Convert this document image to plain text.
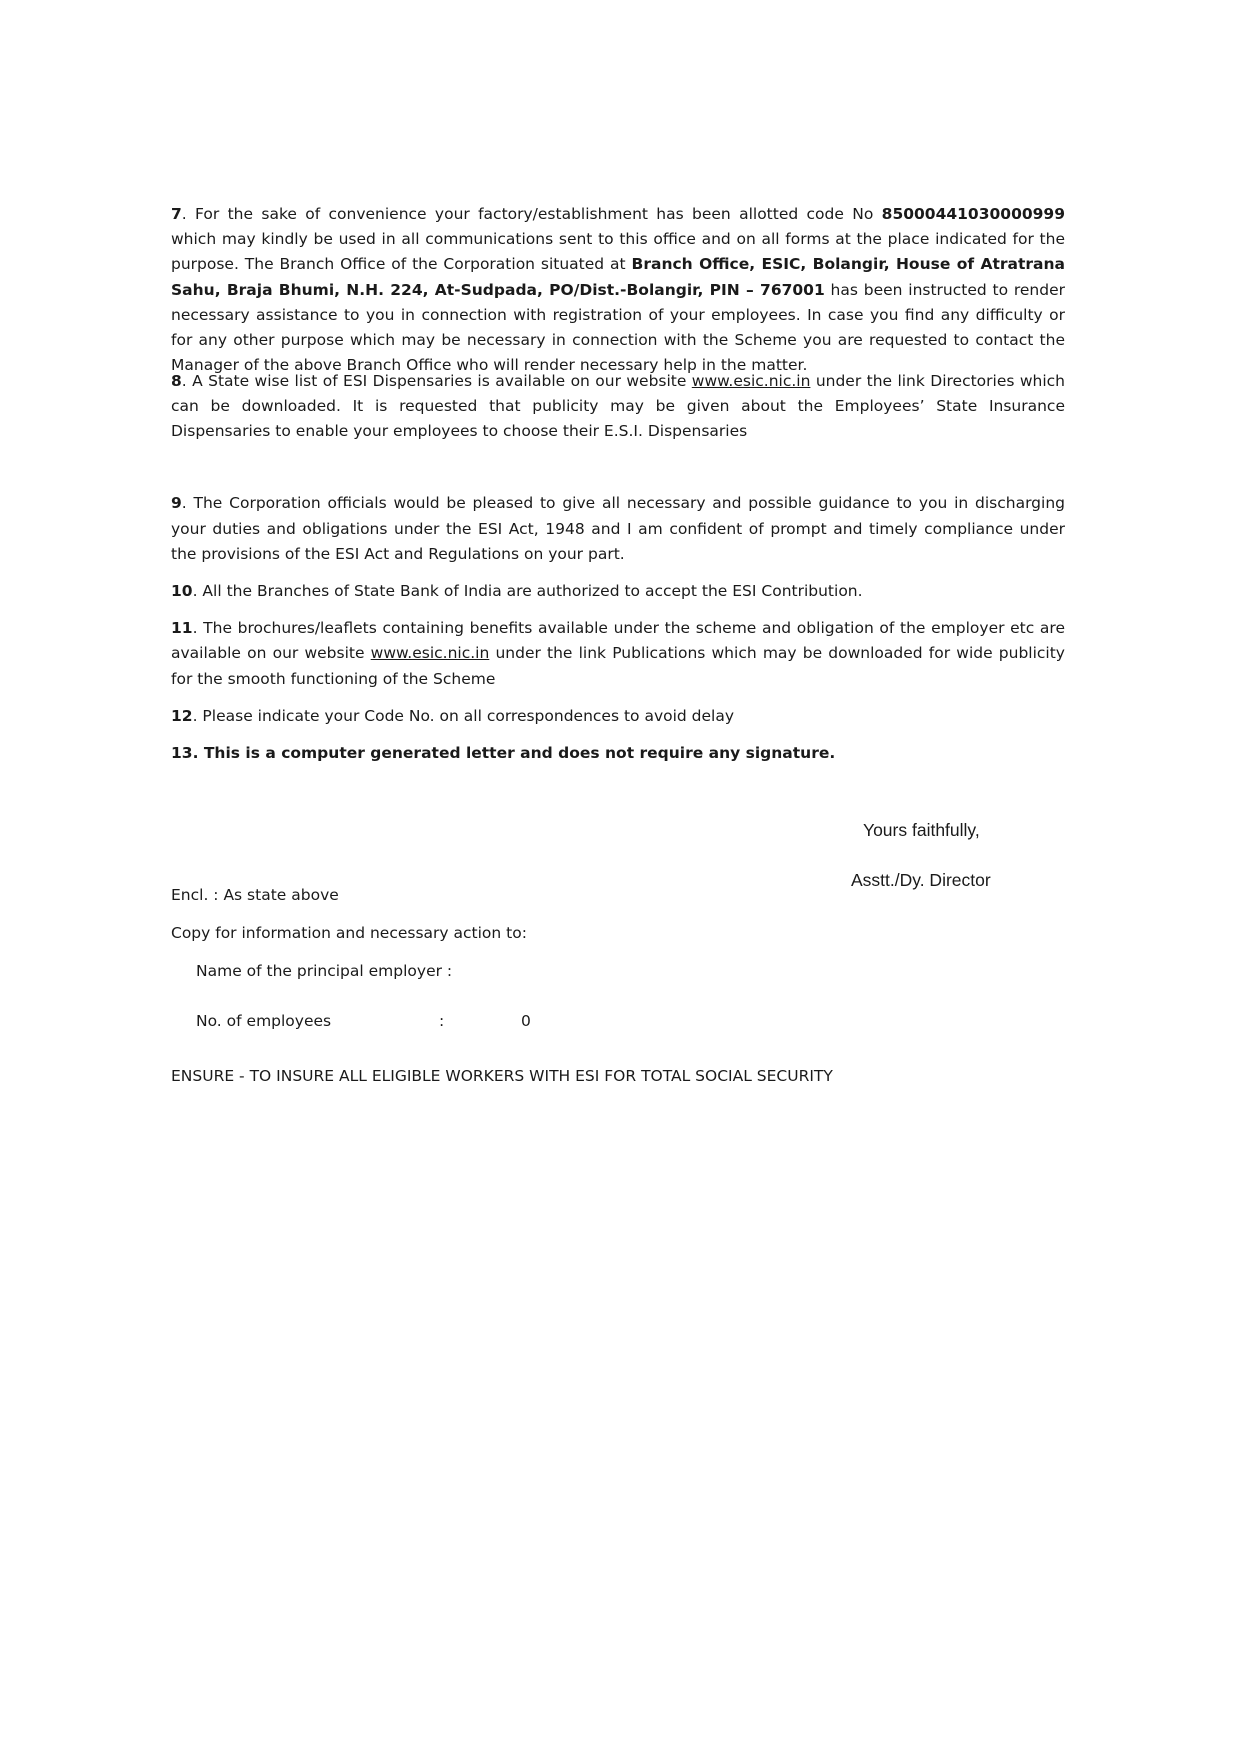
7. For the sake of convenience your factory/establishment has been allotted code No 85000441030000999 which may kindly be used in all communications sent to this office and on all forms at the place indicated for the purpose. The Branch Office of the Corporation situated at Branch Office, ESIC, Bolangir, House of Atratrana Sahu, Braja Bhumi, N.H. 224, At-Sudpada, PO/Dist.-Bolangir, PIN – 767001 has been instructed to render necessary assistance to you in connection with registration of your employees. In case you find any difficulty or for any other purpose which may be necessary in connection with the Scheme you are requested to contact the Manager of the above Branch Office who will render necessary help in the matter.

8. A State wise list of ESI Dispensaries is available on our website www.esic.nic.in under the link Directories which can be downloaded. It is requested that publicity may be given about the Employees’ State Insurance Dispensaries to enable your employees to choose their E.S.I. Dispensaries

9. The Corporation officials would be pleased to give all necessary and possible guidance to you in discharging your duties and obligations under the ESI Act, 1948 and I am confident of prompt and timely compliance under the provisions of the ESI Act and Regulations on your part.

10. All the Branches of State Bank of India are authorized to accept the ESI Contribution.

11. The brochures/leaflets containing benefits available under the scheme and obligation of the employer etc are available on our website www.esic.nic.in under the link Publications which may be downloaded for wide publicity for the smooth functioning of the Scheme

12. Please indicate your Code No. on all correspondences to avoid delay

13. This is a computer generated letter and does not require any signature.

Yours faithfully,
Asstt./Dy. Director
Encl. : As state above
Copy for information and necessary action to:
Name of the principal employer :
No. of employees	:	0
ENSURE - TO INSURE ALL ELIGIBLE WORKERS WITH ESI FOR TOTAL SOCIAL SECURITY
